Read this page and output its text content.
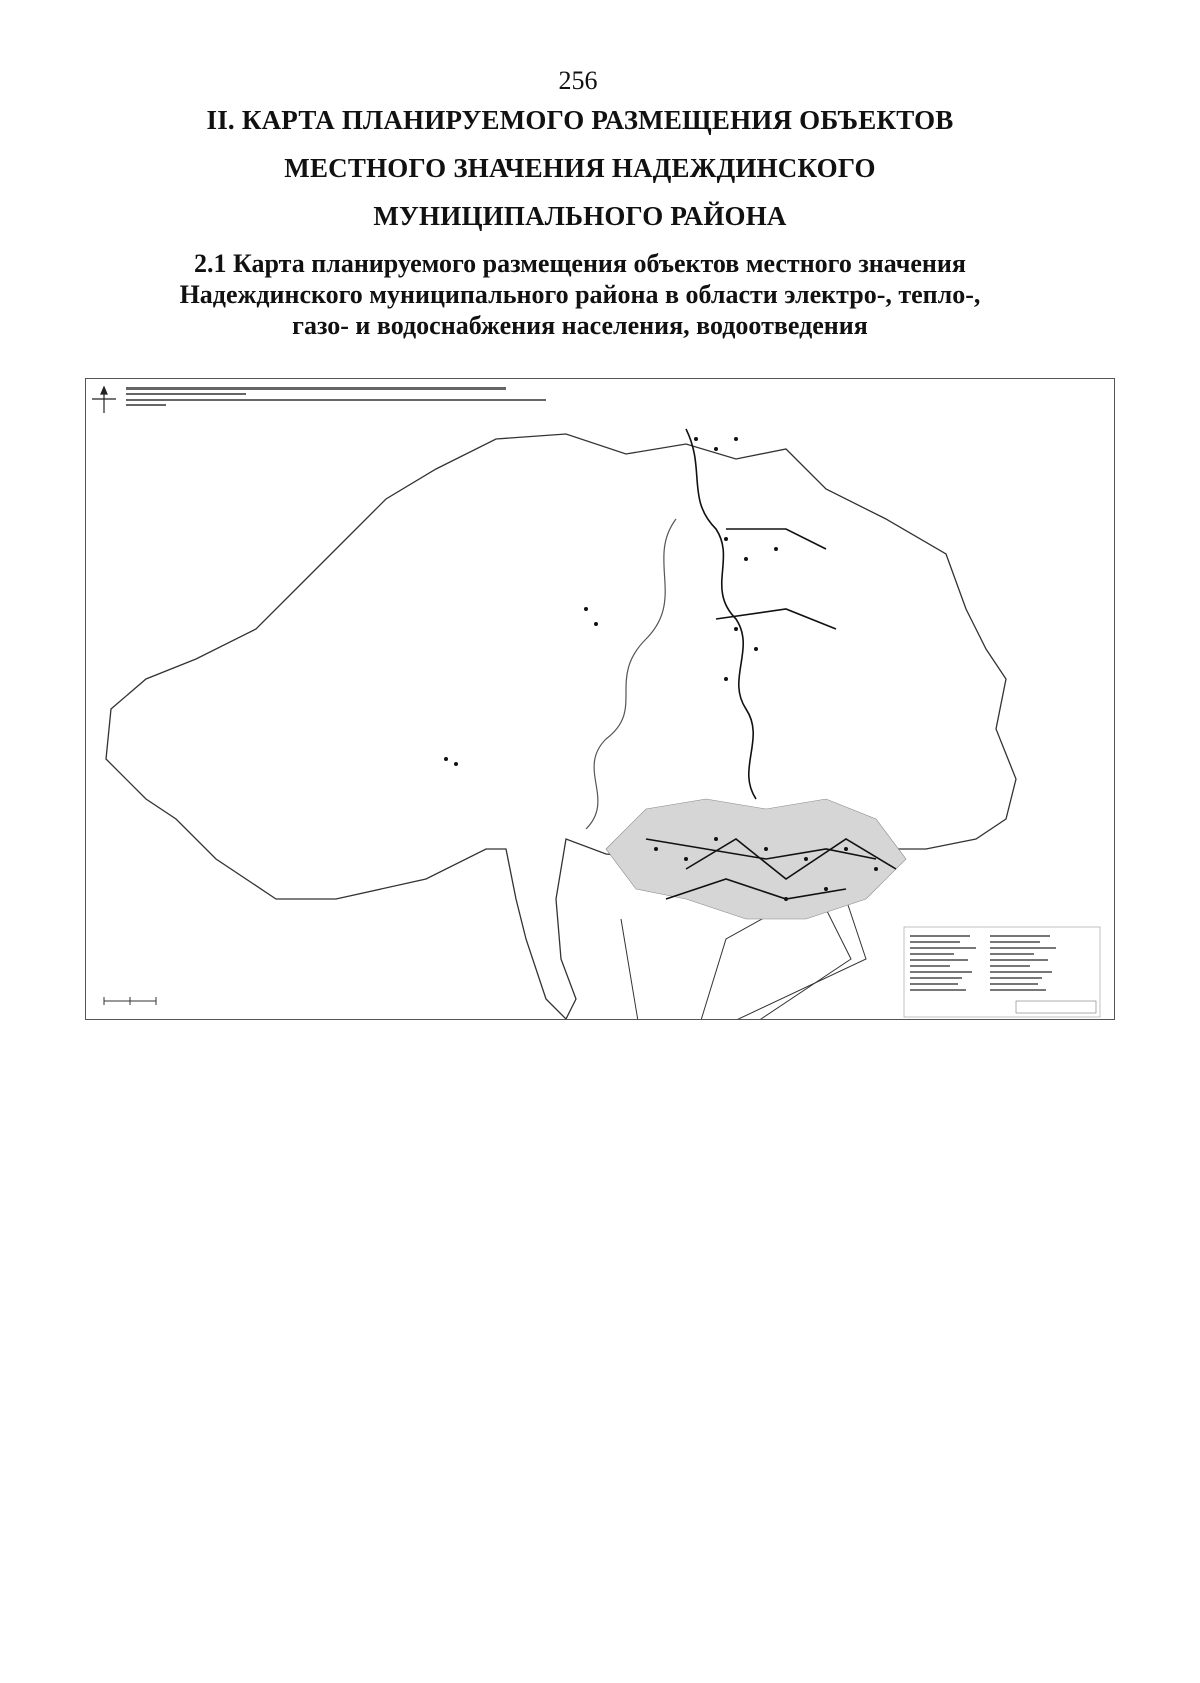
256
II. КАРТА ПЛАНИРУЕМОГО РАЗМЕЩЕНИЯ ОБЪЕКТОВ
МЕСТНОГО ЗНАЧЕНИЯ НАДЕЖДИНСКОГО
МУНИЦИПАЛЬНОГО РАЙОНА
2.1 Карта планируемого размещения объектов местного значения
Надеждинского муниципального района в области электро-, тепло-,
газо- и водоснабжения населения, водоотведения
